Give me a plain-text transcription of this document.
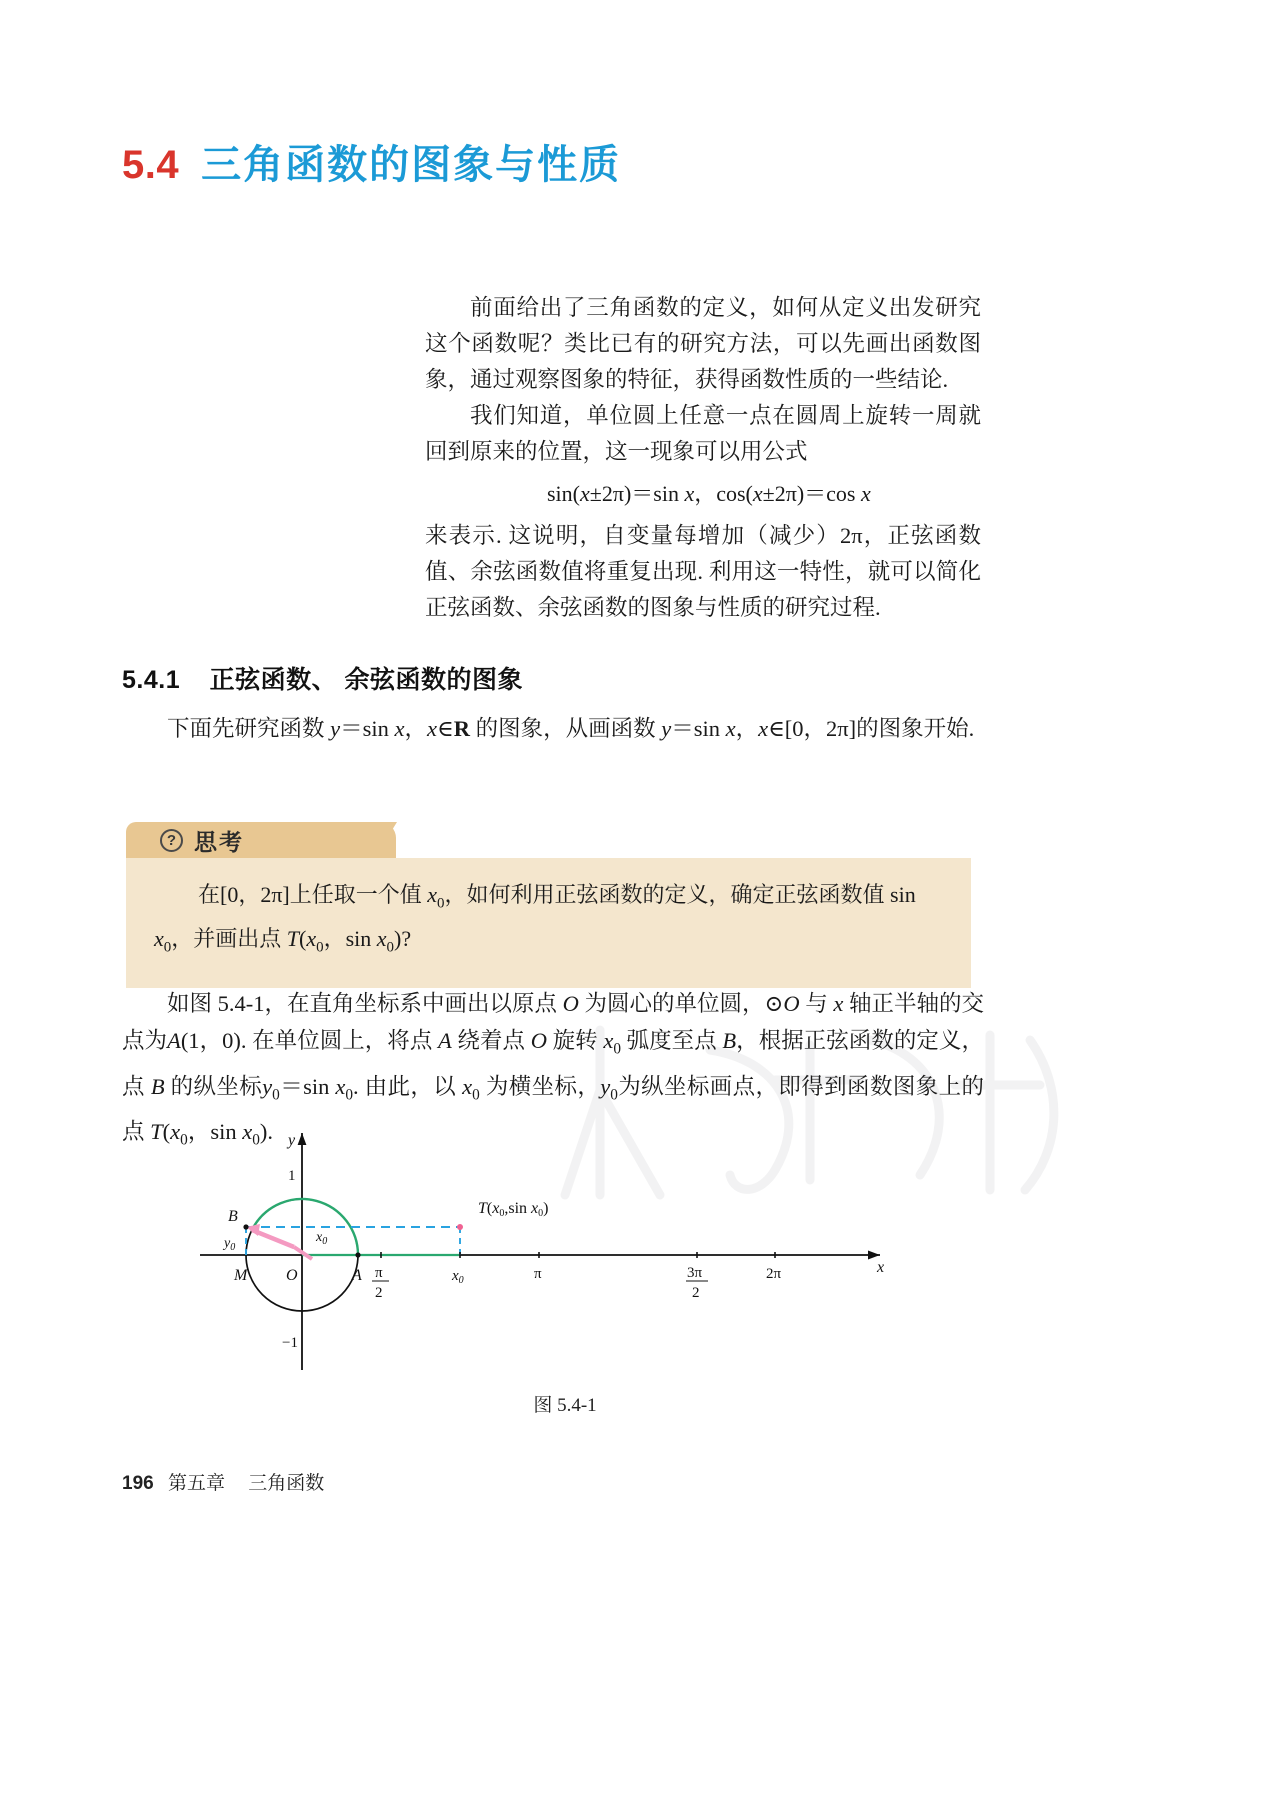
5.4 三角函数的图象与性质

前面给出了三角函数的定义，如何从定义出发研究这个函数呢？类比已有的研究方法，可以先画出函数图象，通过观察图象的特征，获得函数性质的一些结论.

我们知道，单位圆上任意一点在圆周上旋转一周就回到原来的位置，这一现象可以用公式

sin(x±2π)＝sin x，cos(x±2π)＝cos x

来表示. 这说明，自变量每增加（减少）2π，正弦函数值、余弦函数值将重复出现. 利用这一特性，就可以简化正弦函数、余弦函数的图象与性质的研究过程.

5.4.1 正弦函数、 余弦函数的图象

下面先研究函数 y＝sin x，x∈R 的图象，从画函数 y＝sin x，x∈[0，2π]的图象开始.

? 思考

在[0，2π]上任取一个值 $x_0$，如何利用正弦函数的定义，确定正弦函数值 $\sin x_0$，并画出点 $T(x_0$，$\sin x_0$)?

如图 5.4-1，在直角坐标系中画出以原点 O 为圆心的单位圆，⊙O 与 x 轴正半轴的交点为A(1，0). 在单位圆上，将点 A 绕着点 O 旋转 $x_0$ 弧度至点 B，根据正弦函数的定义，点 B 的纵坐标$y_0=\sin$ $x_0$. 由此，以 $x_0$ 为横坐标，$y_0$为纵坐标画点，即得到函数图象上的点 $T(x_0$，$\sin x_0$). y
x
1
−1
π
2
$x_0$	π	3π
2
2π
B
M O	A
$y_0$
$x_0$
T(x0,sin x0)
图 5.4-1
196 第五章 三角函数
